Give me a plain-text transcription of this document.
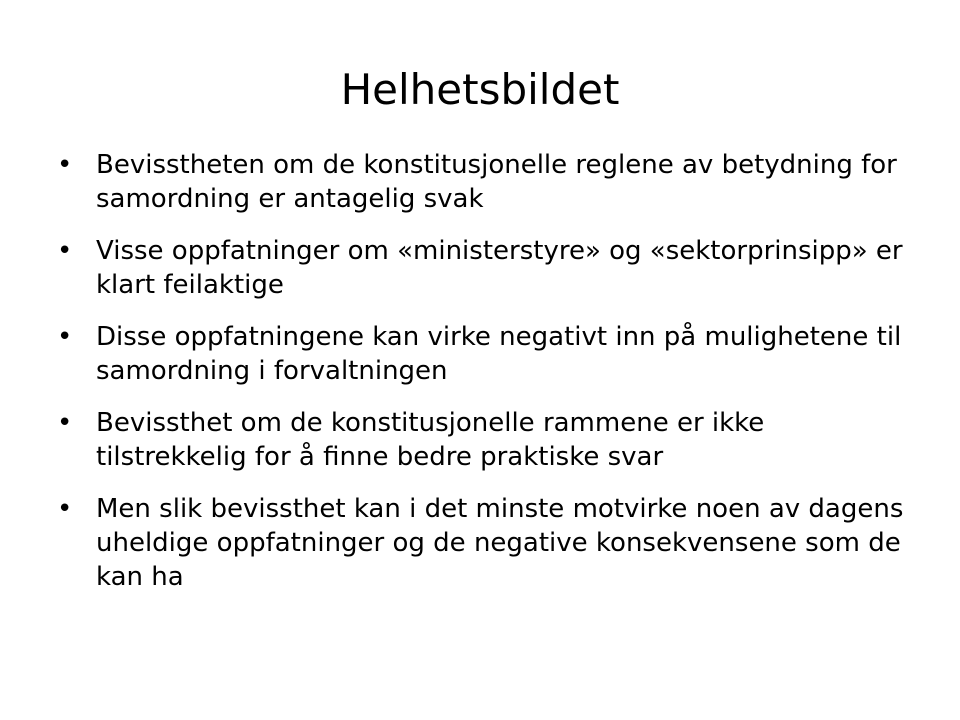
Helhetsbildet
• Bevisstheten om de konstitusjonelle reglene av betydning for samordning er antagelig svak
• Visse oppfatninger om «ministerstyre» og «sektorprinsipp» er klart feilaktige
• Disse oppfatningene kan virke negativt inn på mulighetene til samordning i forvaltningen
• Bevissthet om de konstitusjonelle rammene er ikke tilstrekkelig for å finne bedre praktiske svar
• Men slik bevissthet kan i det minste motvirke noen av dagens uheldige oppfatninger og de negative konsekvensene som de kan ha
